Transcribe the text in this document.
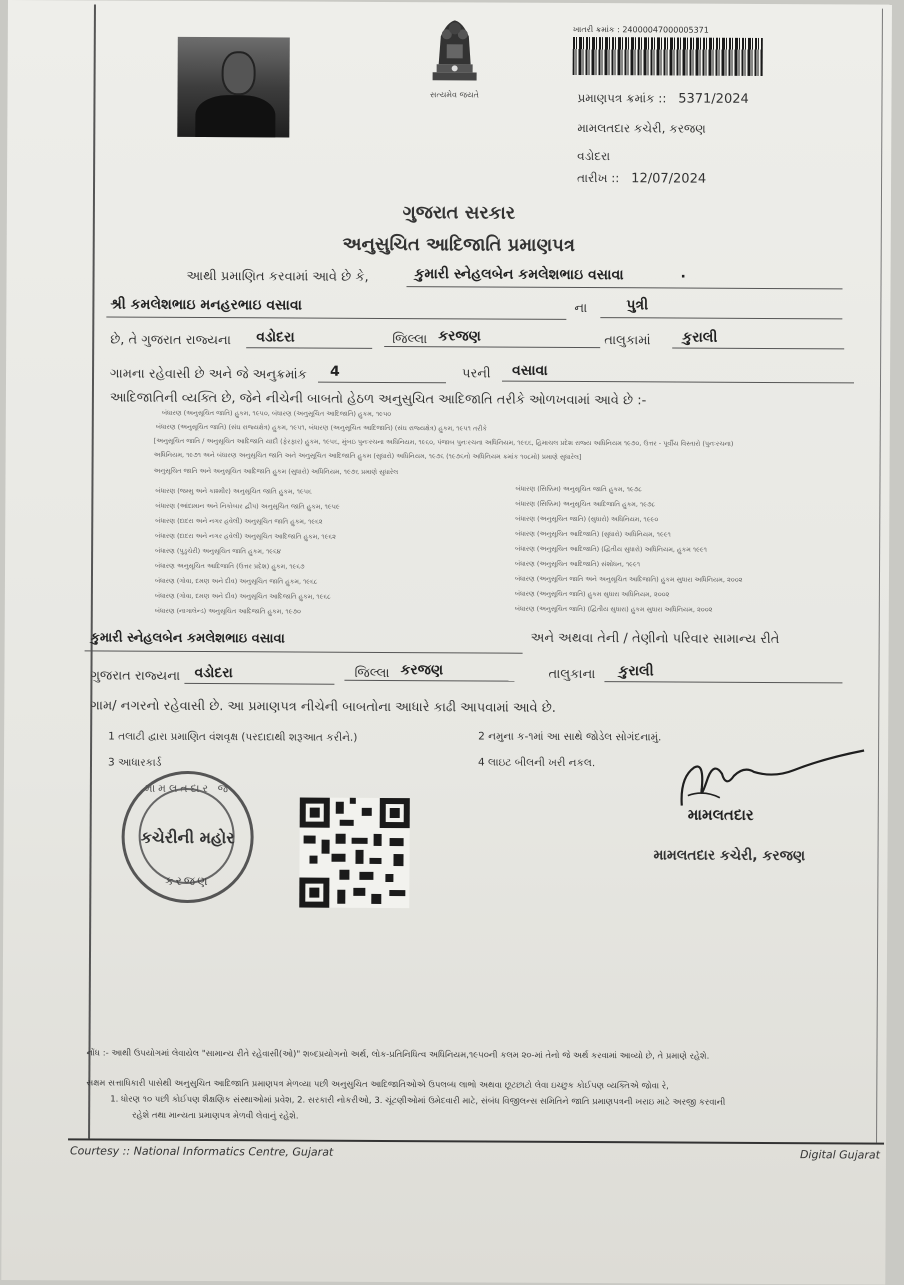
સત્યમેવ જયતે
ખાતરી ક્રમાંક : 24000047000005371
પ્રમાણપત્ર ક્રમાંક :: 5371/2024
મામલતદાર કચેરી, કરજણ
વડોદરા
તારીખ :: 12/07/2024
ગુજરાત સરકાર
અનુસુચિત આદિજાતિ પ્રમાણપત્ર
આથી પ્રમાણિત કરવામાં આવે છે કે,	કુમારી સ્નેહલબેન કમલેશભાઇ વસાવા	.
શ્રી કમલેશભાઇ મનહરભાઇ વસાવા	ના	પુત્રી
છે, તે ગુજરાત રાજ્યના વડોદરા	જિલ્લા કરજણ	તાલુકામાં કુરાલી
ગામના રહેવાસી છે અને જે અનુક્રમાંક 4	પરની વસાવા
આદિજાતિની વ્યક્તિ છે, જેને નીચેની બાબતો હેઠળ અનુસુચિત આદિજાતિ તરીકે ઓળખવામાં આવે છે :-
બંધારણ (અનુસૂચિત જાતિ) હુકમ, ૧૯૫૦, બંધારણ (અનુસૂચિત આદિજાતિ) હુકમ, ૧૯૫૦
બંધારણ (અનુસૂચિત જાતિ) (સંઘ રાજ્યક્ષેત્ર) હુકમ, ૧૯૫૧, બંધારણ (અનુસૂચિત આદિજાતિ) (સંઘ રાજ્યક્ષેત્ર) હુકમ, ૧૯૫૧ તરીકે
[અનુસૂચિત જાતિ / અનુસૂચિત આદિજાતિ યાદી (ફેરફાર) હુકમ, ૧૯૫૬, મુંબઇ પુનઃરચના અધિનિયમ, ૧૯૬૦, પંજાબ પુનઃરચના અધિનિયમ, ૧૯૬૬, હિમાચલ પ્રદેશ રાજ્ય અધિનિયમ ૧૯૭૦, ઉત્તર - પૂર્વીય વિસ્તારો (પુનઃરચના)
અધિનિયમ, ૧૯૭૧ અને બંધારણ અનુસૂચિત જાતિ અને અનુસૂચિત આદિજાતિ હુકમ (સુધારો) અધિનિયમ, ૧૯૭૬ (૧૯૭૬નો અધિનિયમ ક્રમાંક ૧૦૮મો) પ્રમાણે સુધારેલ]
અનુસૂચિત જાતિ અને અનુસૂચિત આદિજાતિ હુકમ (સુધારો) અધિનિયમ, ૧૯૭૬ પ્રમાણે સુધારેલ
બંધારણ (જમ્મુ અને કાશ્મીર) અનુસૂચિત જાતિ હુકમ, ૧૯૫૬
બંધારણ (આંદામાન અને નિકોબાર દ્વીપ) અનુસૂચિત જાતિ હુકમ, ૧૯૫૯
બંધારણ (દાદરા અને નગર હવેલી) અનુસૂચિત જાતિ હુકમ, ૧૯૬૨
બંધારણ (દાદરા અને નગર હવેલી) અનુસૂચિત આદિજાતિ હુકમ, ૧૯૬૨
બંધારણ (પુડુચેરી) અનુસૂચિત જાતિ હુકમ, ૧૯૬૪
બંધારણ અનુસૂચિત આદિજાતિ (ઉત્તર પ્રદેશ) હુકમ, ૧૯૬૭
બંધારણ (ગોવા, દમણ અને દીવ) અનુસૂચિત જાતિ હુકમ, ૧૯૬૮
બંધારણ (ગોવા, દમણ અને દીવ) અનુસૂચિત આદિજાતિ હુકમ, ૧૯૬૮
બંધારણ (નાગાલેન્ડ) અનુસૂચિત આદિજાતિ હુકમ, ૧૯૭૦
બંધારણ (સિક્કિમ) અનુસૂચિત જાતિ હુકમ, ૧૯૭૮
બંધારણ (સિક્કિમ) અનુસૂચિત આદિજાતિ હુકમ, ૧૯૭૮
બંધારણ (અનુસૂચિત જાતિ) (સુધારો) અધિનિયમ, ૧૯૯૦
બંધારણ (અનુસૂચિત આદિજાતિ) (સુધારો) અધિનિયમ, ૧૯૯૧
બંધારણ (અનુસૂચિત આદિજાતિ) (દ્વિતીય સુધારો) અધિનિયમ, હુકમ ૧૯૯૧
બંધારણ (અનુસૂચિત આદિજાતિ) સંશોધન, ૧૯૯૧
બંધારણ (અનુસૂચિત જાતિ અને અનુસૂચિત આદિજાતિ) હુકમ સુધારા અધિનિયમ, ૨૦૦૨
બંધારણ (અનુસૂચિત જાતિ) હુકમ સુધારા અધિનિયમ, ૨૦૦૨
બંધારણ (અનુસૂચિત જાતિ) (દ્વિતીય સુધારા) હુકમ સુધારા અધિનિયમ, ૨૦૦૨
કુમારી સ્નેહલબેન કમલેશભાઇ વસાવા	અને અથવા તેની / તેણીનો પરિવાર સામાન્ય રીતે
ગુજરાત રાજ્યના વડોદરા	જિલ્લા કરજણ	તાલુકાના કુરાલી
ગામ/ નગરનો રહેવાસી છે. આ પ્રમાણપત્ર નીચેની બાબતોના આધારે કાઢી આપવામાં આવે છે.
1 તલાટી દ્વારા પ્રમાણિત વંશવૃક્ષ (પરદાદાથી શરૂઆત કરીને.)	2 નમુના ક-૧માં આ સાથે જોડેલ સોગંદનામું.
3 આધારકાર્ડ	4 લાઇટ બીલની ખરી નકલ.
મામલતદાર જ
કચેરીની મહોર
કરજણ
મામલતદાર
મામલતદાર કચેરી, કરજણ
નોંધ :- આથી ઉપયોગમાં લેવાયેલ "સામાન્ય રીતે રહેવાસી(ઓ)" શબ્દપ્રયોગનો અર્થ, લોક-પ્રતિનિધિત્વ અધિનિયમ,૧૯૫૦ની કલમ ૨૦-માં તેનો જે અર્થ કરવામાં આવ્યો છે, તે પ્રમાણે રહેશે.
સક્ષમ સત્તાધિકારી પાસેથી અનુસુચિત આદિજાતિ પ્રમાણપત્ર મેળવ્યા પછી અનુસુચિત આદિજાતિઓએ ઉપલબ્ધ લાભો અથવા છૂટછાટો લેવા ઇચ્છુક કોઈપણ વ્યક્તિએ જોવા રે,
1. ધોરણ ૧૦ પછી કોઈપણ શૈક્ષણિક સંસ્થાઓમાં પ્રવેશ, 2. સરકારી નોકરીઓ, 3. ચૂંટણીઓમાં ઉમેદવારી માટે, સંબંધ વિજીલન્સ સમિતિને જાતિ પ્રમાણપત્રની ખરાઇ માટે અરજી કરવાની
રહેશે તથા માન્યતા પ્રમાણપત્ર મેળવી લેવાનું રહેશે.
Courtesy :: National Informatics Centre, Gujarat	Digital Gujarat
